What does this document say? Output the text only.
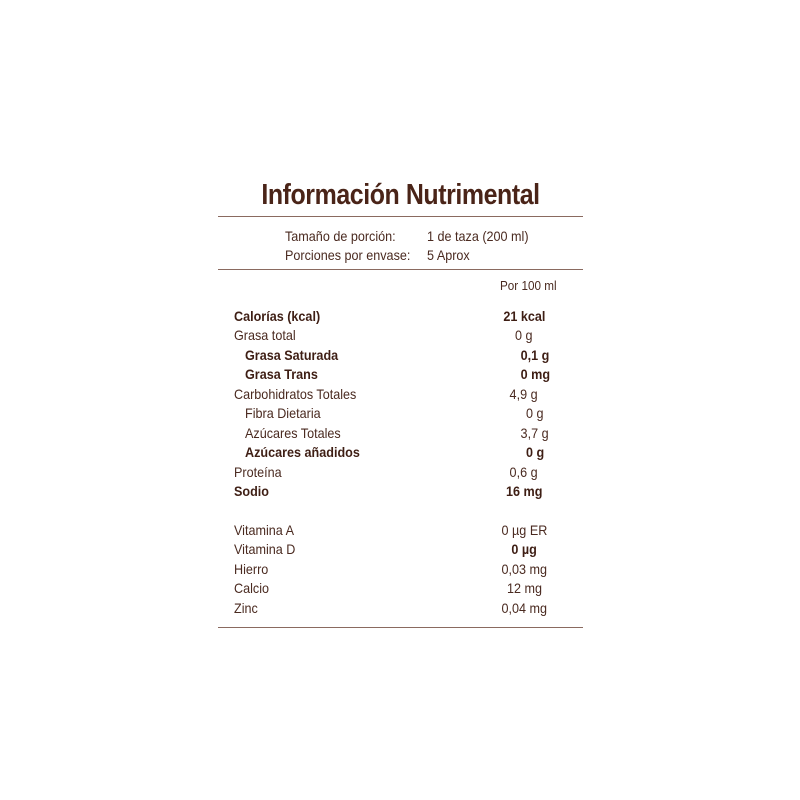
Información Nutrimental
Tamaño de porción:	1 de taza (200 ml)
Porciones por envase:	5 Aprox
Por 100 ml
Calorías (kcal)	21 kcal
Grasa total	0 g
Grasa Saturada	0,1 g
Grasa Trans	0 mg
Carbohidratos Totales	4,9 g
Fibra Dietaria	0 g
Azúcares Totales	3,7 g
Azúcares añadidos	0 g
Proteína	0,6 g
Sodio	16 mg
Vitamina A	0 µg ER
Vitamina D	0 µg
Hierro	0,03 mg
Calcio	12 mg
Zinc	0,04 mg
